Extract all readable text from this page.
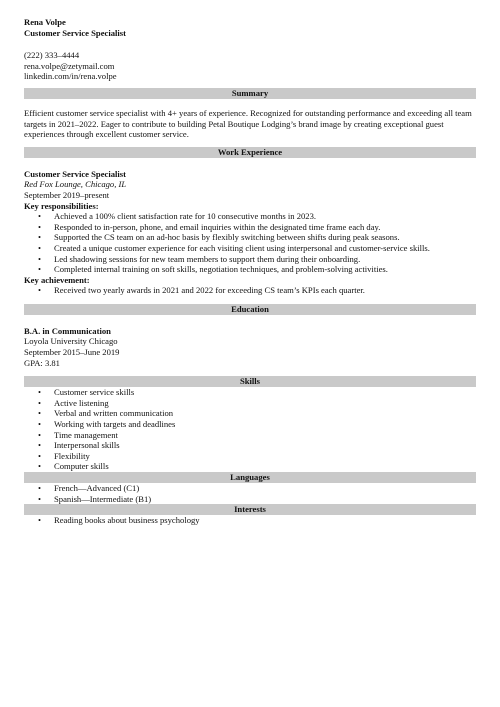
Rena Volpe
Customer Service Specialist
(222) 333–4444
rena.volpe@zetymail.com
linkedin.com/in/rena.volpe
Summary
Efficient customer service specialist with 4+ years of experience. Recognized for outstanding performance and exceeding all team targets in 2021–2022. Eager to contribute to building Petal Boutique Lodging’s brand image by creating exceptional guest experiences through excellent customer service.
Work Experience
Customer Service Specialist
Red Fox Lounge, Chicago, IL
September 2019–present
Key responsibilities:
• Achieved a 100% client satisfaction rate for 10 consecutive months in 2023.
• Responded to in-person, phone, and email inquiries within the designated time frame each day.
• Supported the CS team on an ad-hoc basis by flexibly switching between shifts during peak seasons.
• Created a unique customer experience for each visiting client using interpersonal and customer-service skills.
• Led shadowing sessions for new team members to support them during their onboarding.
• Completed internal training on soft skills, negotiation techniques, and problem-solving activities.
Key achievement:
• Received two yearly awards in 2021 and 2022 for exceeding CS team’s KPIs each quarter.
Education
B.A. in Communication
Loyola University Chicago
September 2015–June 2019
GPA: 3.81
Skills
• Customer service skills
• Active listening
• Verbal and written communication
• Working with targets and deadlines
• Time management
• Interpersonal skills
• Flexibility
• Computer skills
Languages
• French—Advanced (C1)
• Spanish—Intermediate (B1)
Interests
• Reading books about business psychology
